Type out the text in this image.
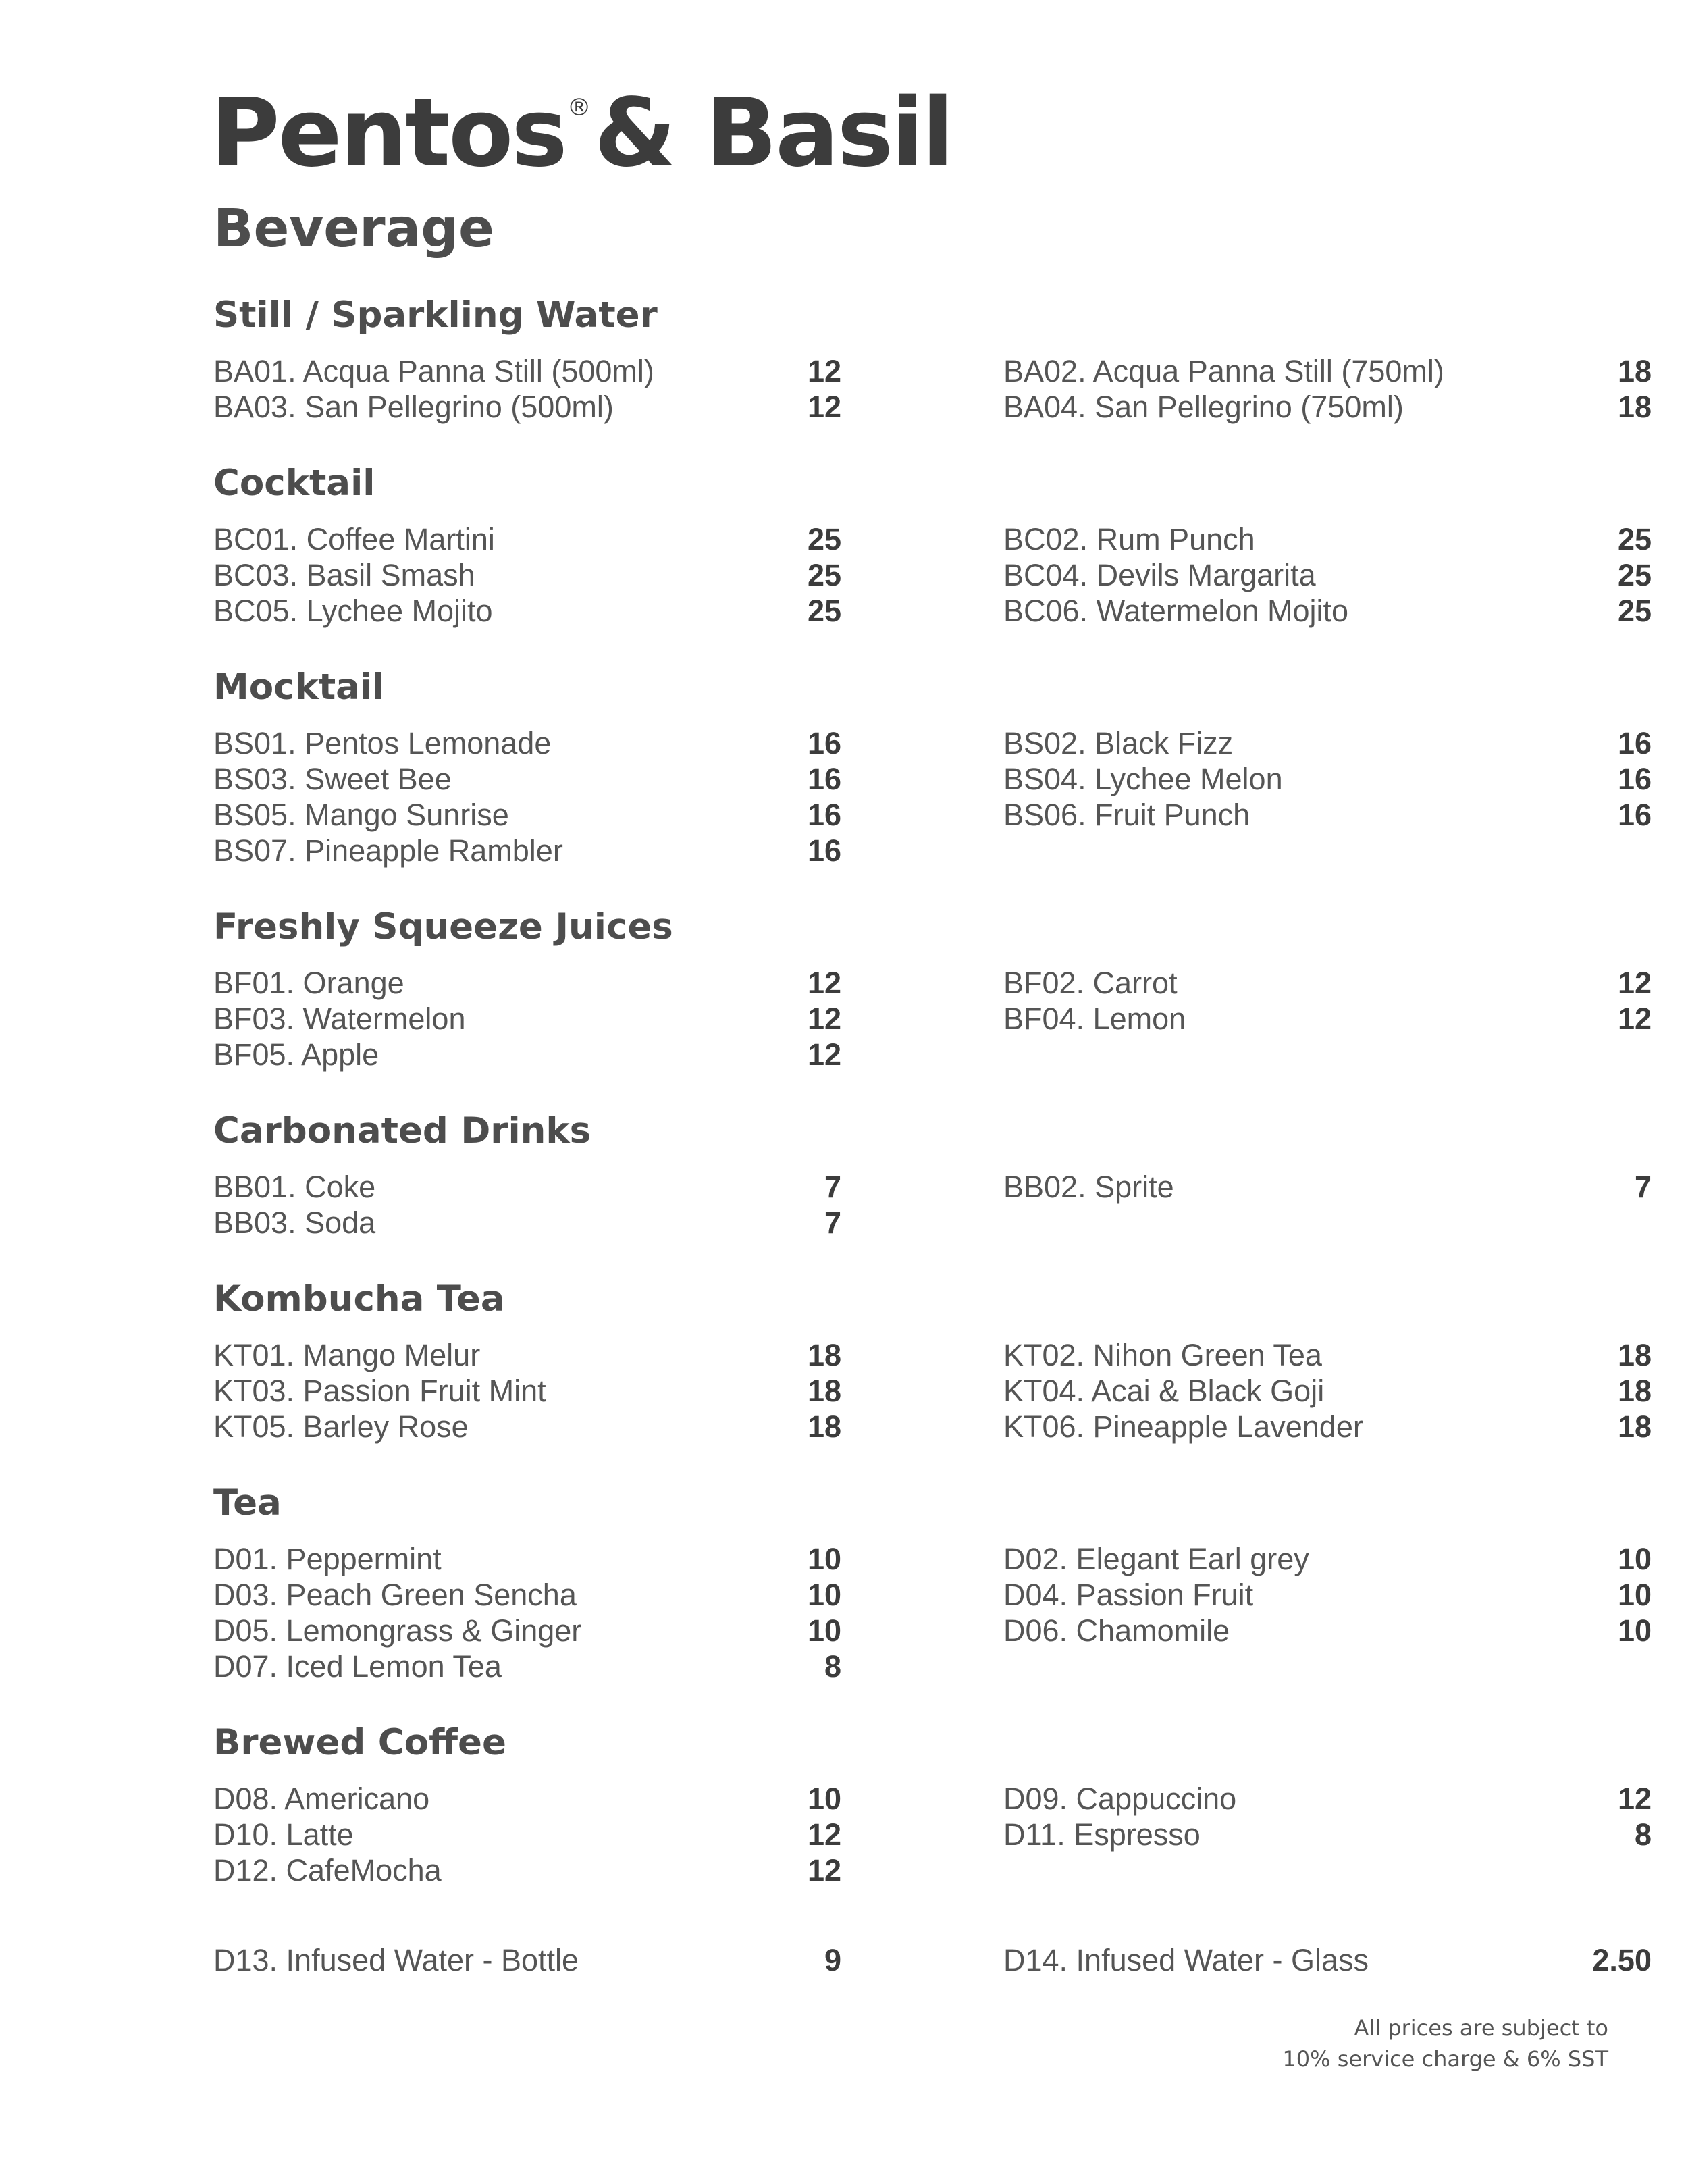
Pentos®& Basil
Beverage
Still / Sparkling Water
BA01. Acqua Panna Still (500ml)	12	BA02. Acqua Panna Still (750ml)	18
BA03. San Pellegrino (500ml)	12	BA04. San Pellegrino (750ml)	18
Cocktail
BC01. Coffee Martini	25	BC02. Rum Punch	25
BC03. Basil Smash	25	BC04. Devils Margarita	25
BC05. Lychee Mojito	25	BC06. Watermelon Mojito	25
Mocktail
BS01. Pentos Lemonade	16	BS02. Black Fizz	16
BS03. Sweet Bee	16	BS04. Lychee Melon	16
BS05. Mango Sunrise	16	BS06. Fruit Punch	16
BS07. Pineapple Rambler	16
Freshly Squeeze Juices
BF01. Orange	12	BF02. Carrot	12
BF03. Watermelon	12	BF04. Lemon	12
BF05. Apple	12
Carbonated Drinks
BB01. Coke	7	BB02. Sprite	7
BB03. Soda	7
Kombucha Tea
KT01. Mango Melur	18	KT02. Nihon Green Tea	18
KT03. Passion Fruit Mint	18	KT04. Acai & Black Goji	18
KT05. Barley Rose	18	KT06. Pineapple Lavender	18
Tea
D01. Peppermint	10	D02. Elegant Earl grey	10
D03. Peach Green Sencha	10	D04. Passion Fruit	10
D05. Lemongrass & Ginger	10	D06. Chamomile	10
D07. Iced Lemon Tea	8
Brewed Coffee
D08. Americano	10	D09. Cappuccino	12
D10. Latte	12	D11. Espresso	8
D12. CafeMocha	12
D13. Infused Water - Bottle	9	D14. Infused Water - Glass	2.50
All prices are subject to
10% service charge & 6% SST
